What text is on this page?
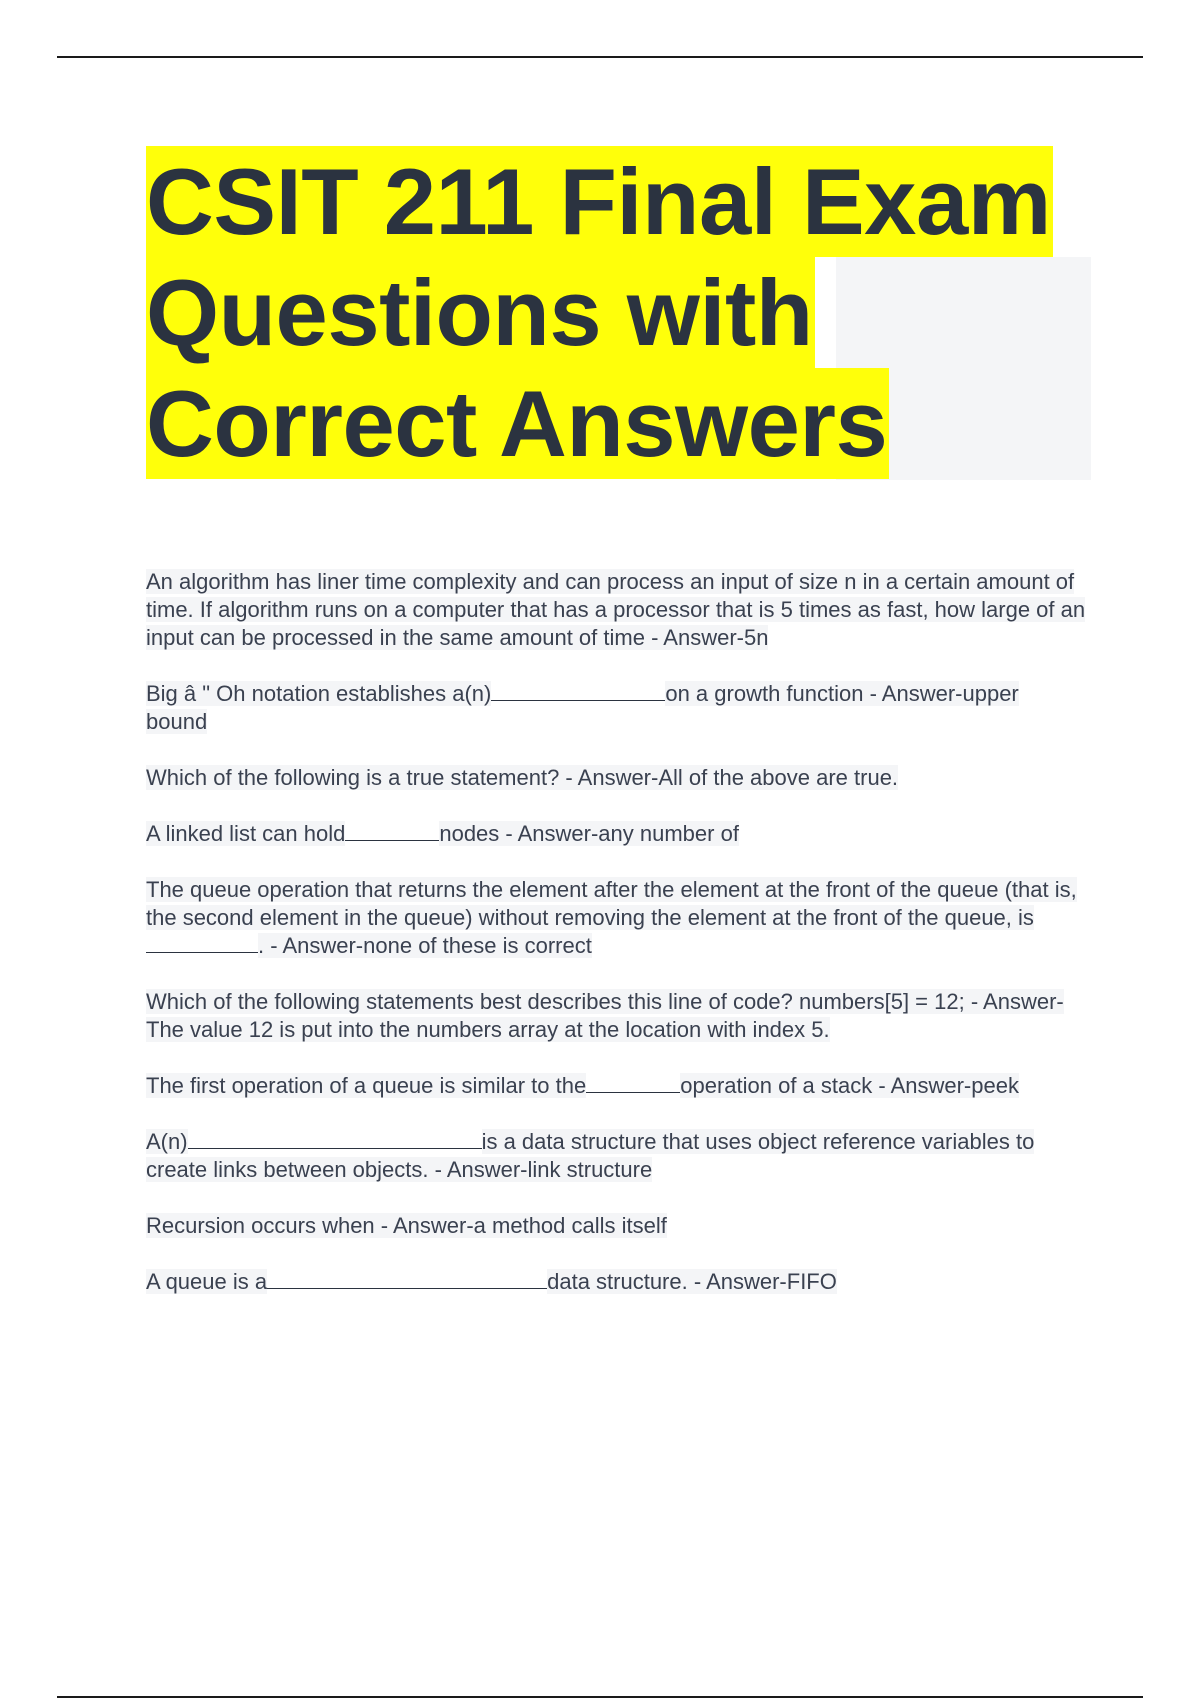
CSIT 211 Final Exam
Questions with
Correct Answers

An algorithm has liner time complexity and can process an input of size n in a certain amount of time. If algorithm runs on a computer that has a processor that is 5 times as fast, how large of an input can be processed in the same amount of time - Answer-5n

Big â " Oh notation establishes a(n)	on a growth function - Answer-upper bound

Which of the following is a true statement? - Answer-All of the above are true.

A linked list can hold	nodes - Answer-any number of

The queue operation that returns the element after the element at the front of the queue (that is, the second element in the queue) without removing the element at the front of the queue, is. - Answer-none of these is correct

Which of the following statements best describes this line of code? numbers[5] = 12; - Answer-The value 12 is put into the numbers array at the location with index 5.

The first operation of a queue is similar to the	operation of a stack - Answer-peek

A(n)	is a data structure that uses object reference variables to create links between objects. - Answer-link structure

Recursion occurs when - Answer-a method calls itself

A queue is a	data structure. - Answer-FIFO
